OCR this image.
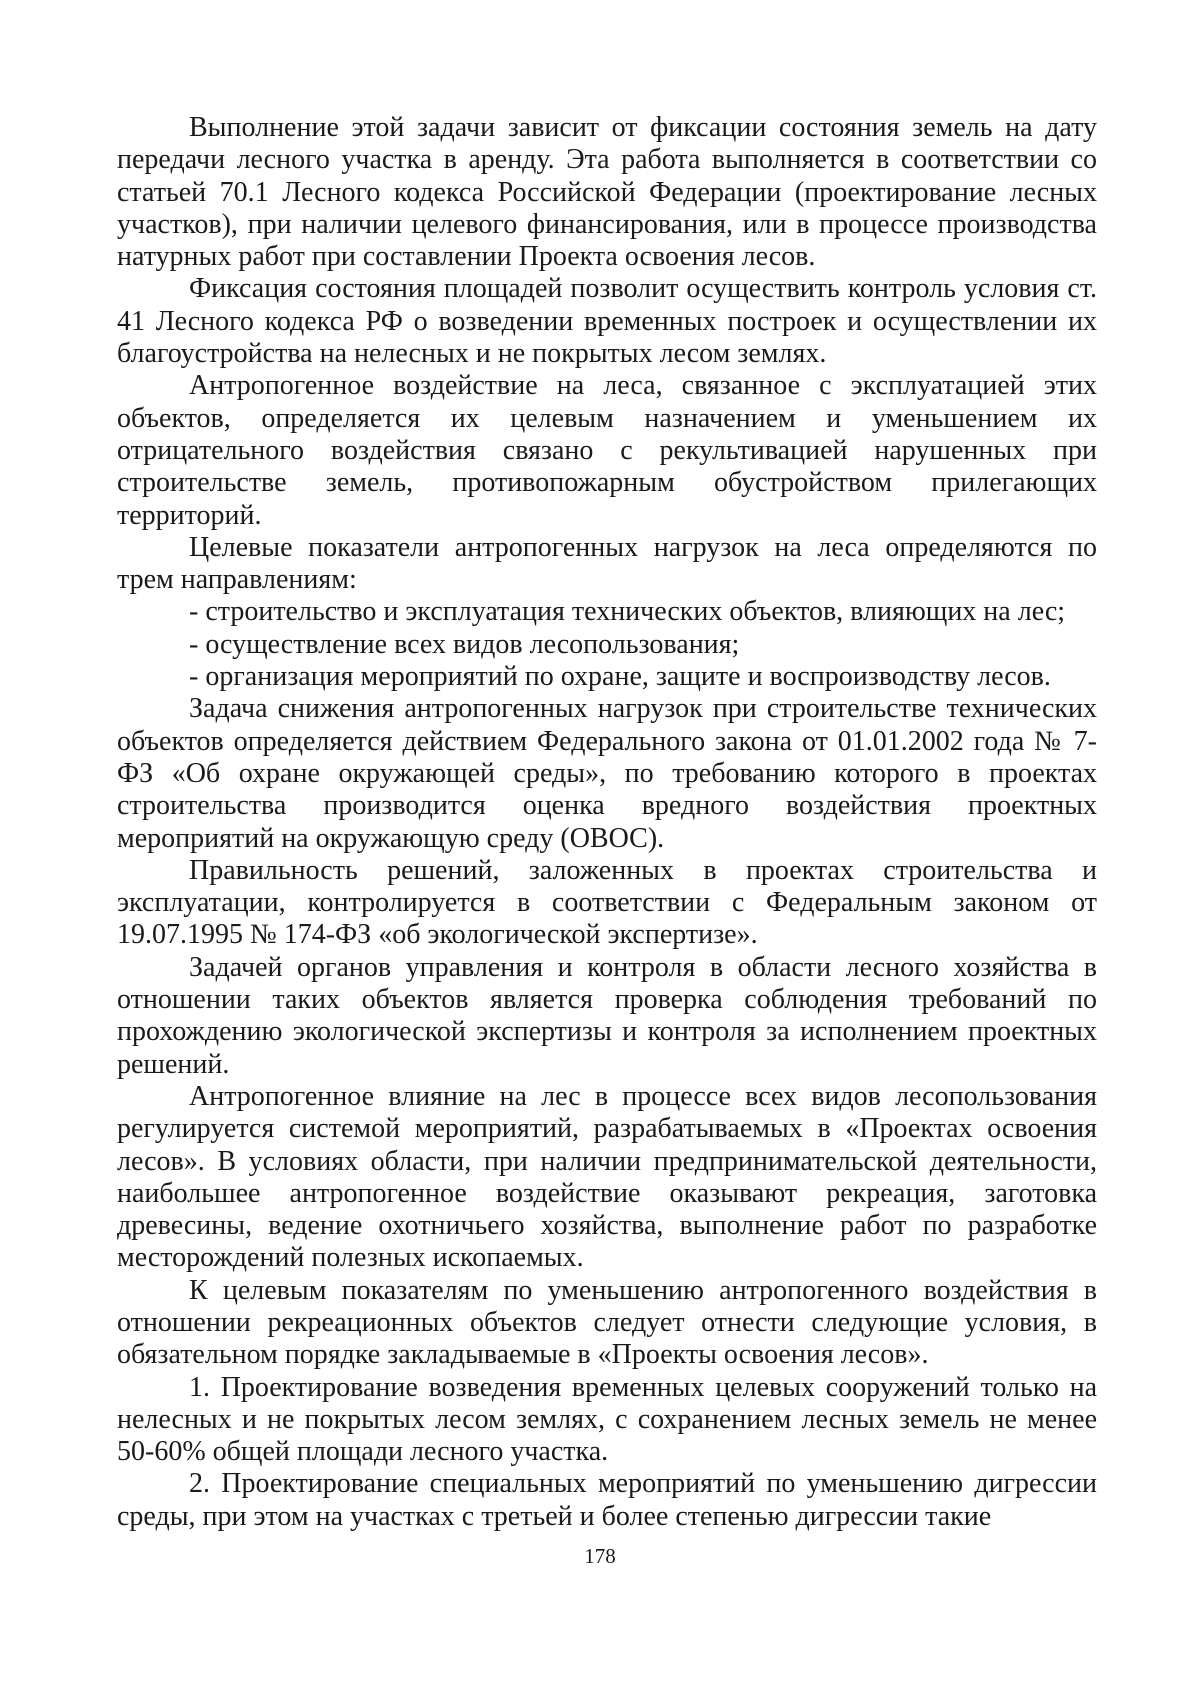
Выполнение этой задачи зависит от фиксации состояния земель на дату передачи лесного участка в аренду. Эта работа выполняется в соответствии со статьей 70.1 Лесного кодекса Российской Федерации (проектирование лесных участков), при наличии целевого финансирования, или в процессе производства натурных работ при составлении Проекта освоения лесов.

Фиксация состояния площадей позволит осуществить контроль условия ст. 41 Лесного кодекса РФ о возведении временных построек и осуществлении их благоустройства на нелесных и не покрытых лесом землях.

Антропогенное воздействие на леса, связанное с эксплуатацией этих объектов, определяется их целевым назначением и уменьшением их отрицательного воздействия связано с рекультивацией нарушенных при строительстве земель, противопожарным обустройством прилегающих территорий.

Целевые показатели антропогенных нагрузок на леса определяются по трем направлениям:

- строительство и эксплуатация технических объектов, влияющих на лес;

- осуществление всех видов лесопользования;

- организация мероприятий по охране, защите и воспроизводству лесов.

Задача снижения антропогенных нагрузок при строительстве технических объектов определяется действием Федерального закона от 01.01.2002 года № 7-ФЗ «Об охране окружающей среды», по требованию которого в проектах строительства производится оценка вредного воздействия проектных мероприятий на окружающую среду (ОВОС).

Правильность решений, заложенных в проектах строительства и эксплуатации, контролируется в соответствии с Федеральным законом от 19.07.1995 № 174-ФЗ «об экологической экспертизе».

Задачей органов управления и контроля в области лесного хозяйства в отношении таких объектов является проверка соблюдения требований по прохождению экологической экспертизы и контроля за исполнением проектных решений.

Антропогенное влияние на лес в процессе всех видов лесопользования регулируется системой мероприятий, разрабатываемых в «Проектах освоения лесов». В условиях области, при наличии предпринимательской деятельности, наибольшее антропогенное воздействие оказывают рекреация, заготовка древесины, ведение охотничьего хозяйства, выполнение работ по разработке месторождений полезных ископаемых.

К целевым показателям по уменьшению антропогенного воздействия в отношении рекреационных объектов следует отнести следующие условия, в обязательном порядке закладываемые в «Проекты освоения лесов».

1. Проектирование возведения временных целевых сооружений только на нелесных и не покрытых лесом землях, с сохранением лесных земель не менее 50-60% общей площади лесного участка.

2. Проектирование специальных мероприятий по уменьшению дигрессии среды, при этом на участках с третьей и более степенью дигрессии такие

178
